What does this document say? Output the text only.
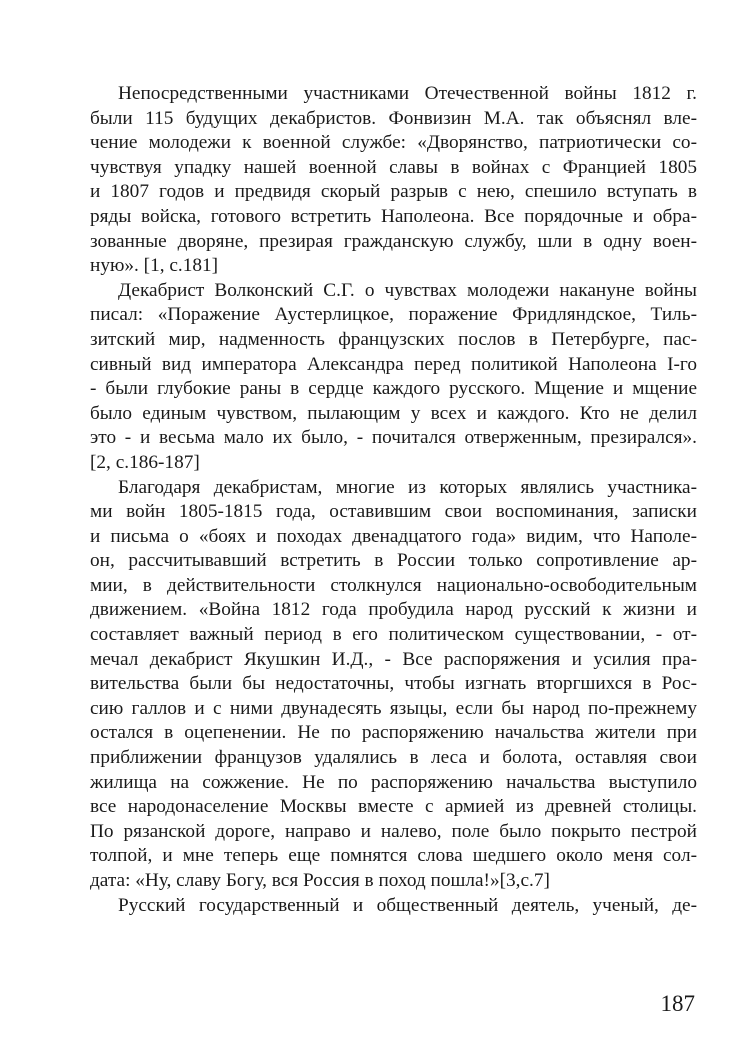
Непосредственными участниками Отечественной войны 1812 г.
были 115 будущих декабристов. Фонвизин М.А. так объяснял вле-
чение молодежи к военной службе: «Дворянство, патриотически со-
чувствуя упадку нашей военной славы в войнах с Францией 1805
и 1807 годов и предвидя скорый разрыв с нею, спешило вступать в
ряды войска, готового встретить Наполеона. Все порядочные и обра-
зованные дворяне, презирая гражданскую службу, шли в одну воен-
ную». [1, с.181]
Декабрист Волконский С.Г. о чувствах молодежи накануне войны
писал: «Поражение Аустерлицкое, поражение Фридляндское, Тиль-
зитский мир, надменность французских послов в Петербурге, пас-
сивный вид императора Александра перед политикой Наполеона I-го
- были глубокие раны в сердце каждого русского. Мщение и мщение
было единым чувством, пылающим у всех и каждого. Кто не делил
это - и весьма мало их было, - почитался отверженным, презирался».
[2, с.186-187]
Благодаря декабристам, многие из которых являлись участника-
ми войн 1805-1815 года, оставившим свои воспоминания, записки
и письма о «боях и походах двенадцатого года» видим, что Наполе-
он, рассчитывавший встретить в России только сопротивление ар-
мии, в действительности столкнулся национально-освободительным
движением. «Война 1812 года пробудила народ русский к жизни и
составляет важный период в его политическом существовании, - от-
мечал декабрист Якушкин И.Д., - Все распоряжения и усилия пра-
вительства были бы недостаточны, чтобы изгнать вторгшихся в Рос-
сию галлов и с ними двунадесять языцы, если бы народ по-прежнему
остался в оцепенении. Не по распоряжению начальства жители при
приближении французов удалялись в леса и болота, оставляя свои
жилища на сожжение. Не по распоряжению начальства выступило
все народонаселение Москвы вместе с армией из древней столицы.
По рязанской дороге, направо и налево, поле было покрыто пестрой
толпой, и мне теперь еще помнятся слова шедшего около меня сол-
дата: «Ну, славу Богу, вся Россия в поход пошла!»[3,с.7]
Русский государственный и общественный деятель, ученый, де-
187
